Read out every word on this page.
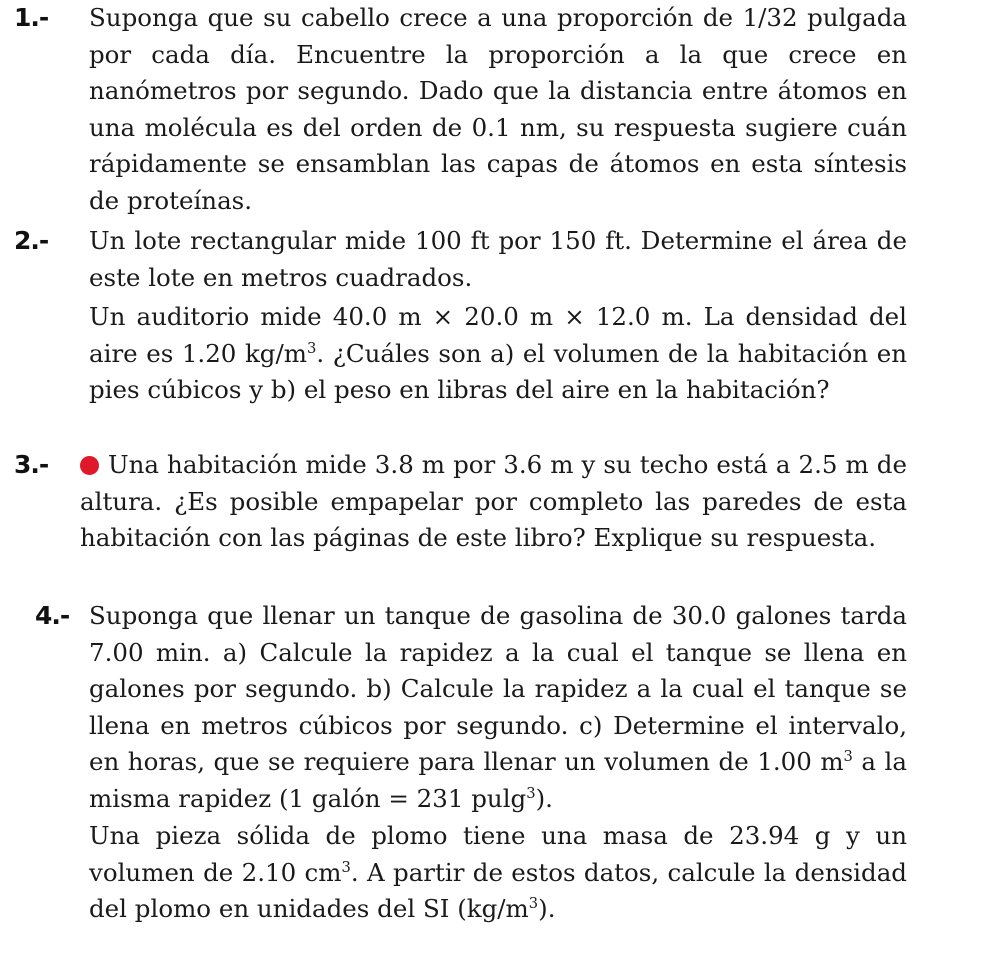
1.- Suponga que su cabello crece a una proporción de 1/32 pulgada por cada día. Encuentre la proporción a la que crece en nanómetros por segundo. Dado que la distancia entre átomos en una molécula es del orden de 0.1 nm, su respuesta sugiere cuán rápidamente se ensamblan las capas de átomos en esta síntesis de proteínas.

2.- Un lote rectangular mide 100 ft por 150 ft. Determine el área de este lote en metros cuadrados.

Un auditorio mide 40.0 m × 20.0 m × 12.0 m. La densidad del aire es 1.20 $kg/m^3$. ¿Cuáles son a) el volumen de la habitación en pies cúbicos y b) el peso en libras del aire en la habitación?

3.-	Una habitación mide 3.8 m por 3.6 m y su techo está a 2.5 m de altura. ¿Es posible empapelar por completo las paredes de esta habitación con las páginas de este libro? Explique su respuesta.

4.- Suponga que llenar un tanque de gasolina de 30.0 galones tarda 7.00 min. a) Calcule la rapidez a la cual el tanque se llena en galones por segundo. b) Calcule la rapidez a la cual el tanque se llena en metros cúbicos por segundo. c) Determine el intervalo, en horas, que se requiere para llenar un volumen de 1.00 $m^3$ a la misma rapidez (1 galón = 231 pulg$^3$).

Una pieza sólida de plomo tiene una masa de 23.94 g y un volumen de 2.10 $cm^3$. A partir de estos datos, calcule la densidad del plomo en unidades del SI $(kg/m^3)$.
